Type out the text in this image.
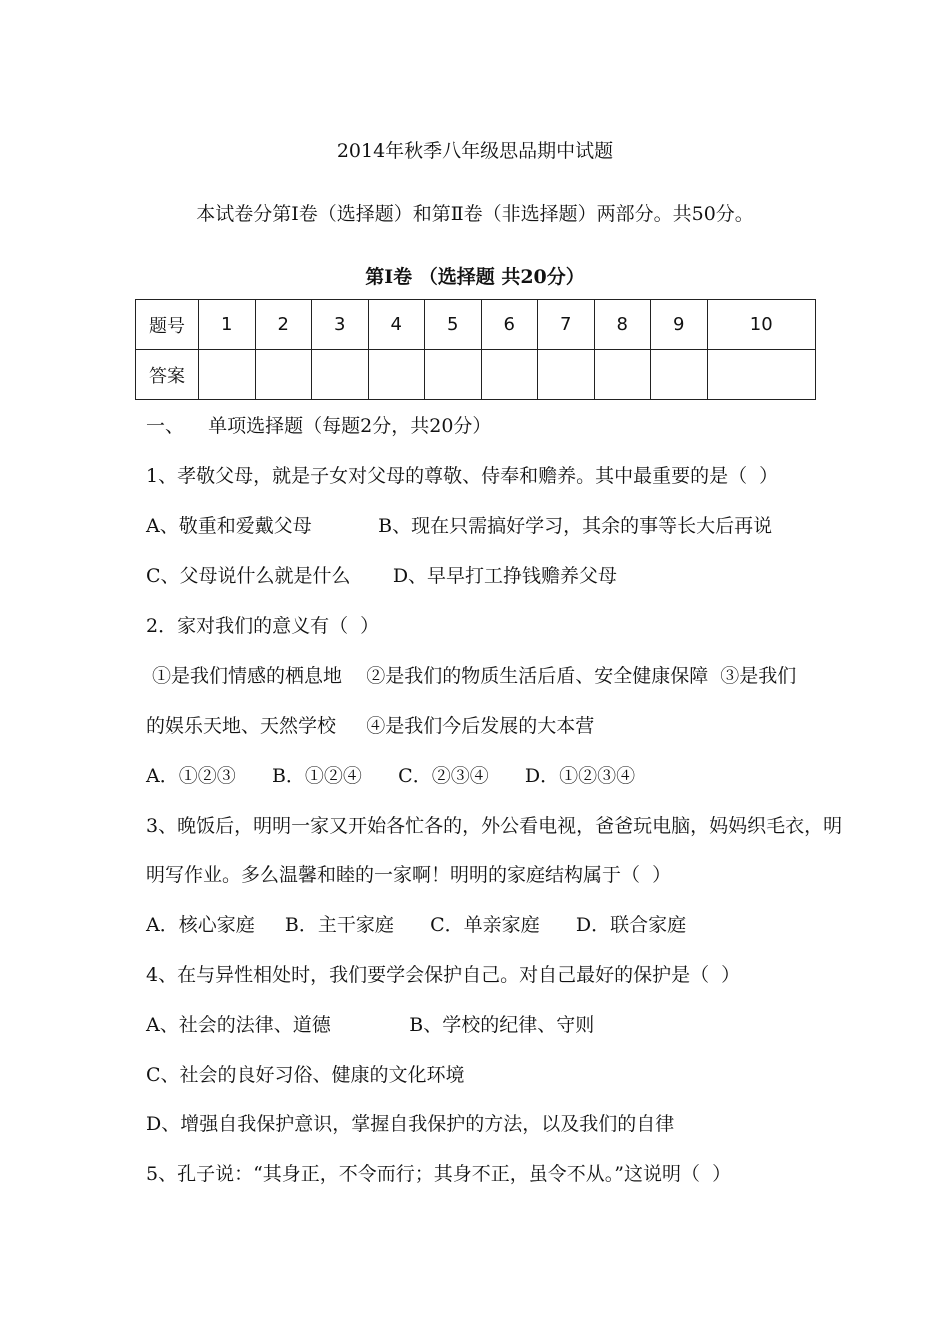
2014年秋季八年级思品期中试题
本试卷分第Ⅰ卷（选择题）和第Ⅱ卷（非选择题）两部分。共50分。
第Ⅰ卷 （选择题 共20分）
题号	1	2	3	4	5	6	7	8	9	10
答案										
一、    单项选择题（每题2分，共20分）
1、孝敬父母，就是子女对父母的尊敬、侍奉和赡养。其中最重要的是（  ）
A、敬重和爱戴父母           B、现在只需搞好学习，其余的事等长大后再说
C、父母说什么就是什么       D、早早打工挣钱赡养父母
2．家对我们的意义有（  ）
①是我们情感的栖息地    ②是我们的物质生活后盾、安全健康保障  ③是我们
的娱乐天地、天然学校     ④是我们今后发展的大本营
A．①②③      B．①②④      C．②③④      D．①②③④
3、晚饭后，明明一家又开始各忙各的，外公看电视，爸爸玩电脑，妈妈织毛衣，明
明写作业。多么温馨和睦的一家啊！明明的家庭结构属于（  ）
A．核心家庭     B．主干家庭      C．单亲家庭      D．联合家庭
4、在与异性相处时，我们要学会保护自己。对自己最好的保护是（  ）
A、社会的法律、道德             B、学校的纪律、守则
C、社会的良好习俗、健康的文化环境
D、增强自我保护意识，掌握自我保护的方法，以及我们的自律
5、孔子说：“其身正，不令而行；其身不正，虽令不从。”这说明（  ）
